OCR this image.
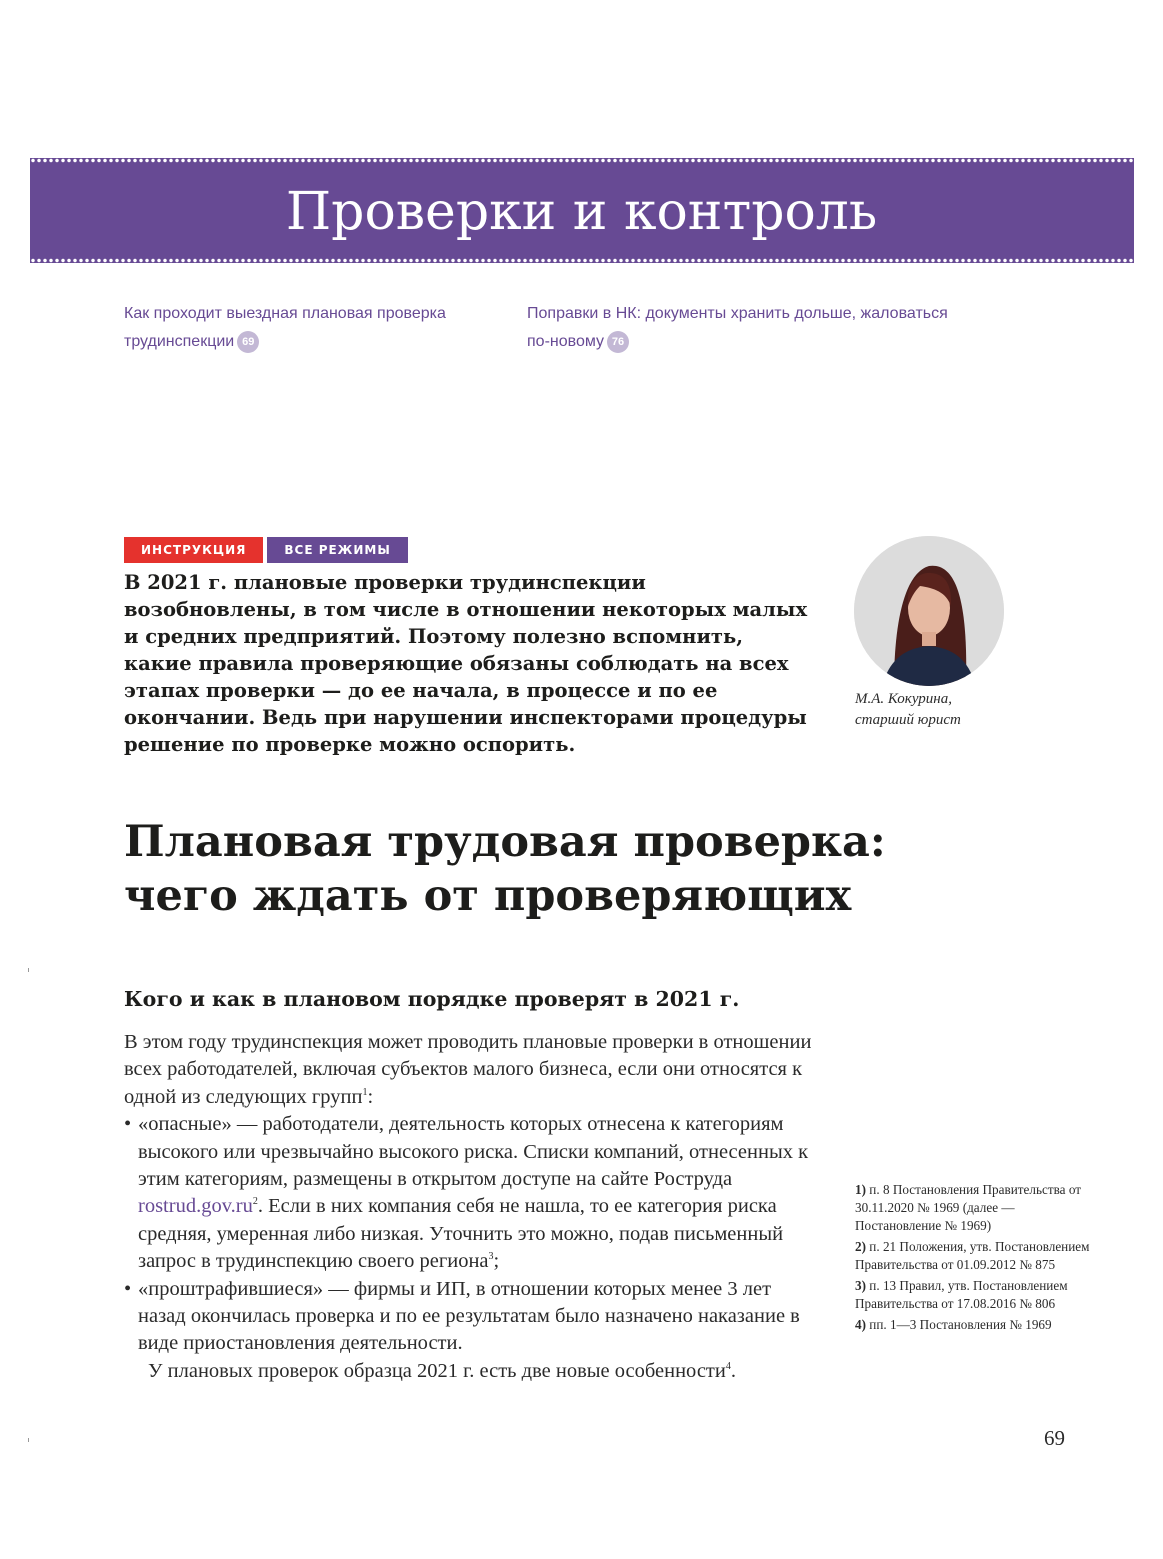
Проверки и контроль
Как проходит выездная плановая проверка
трудинспекции 69
Поправки в НК: документы хранить дольше, жаловаться
по-новому 76
ИНСТРУКЦИЯ	ВСЕ РЕЖИМЫ
В 2021 г. плановые проверки трудинспекции возобновлены, в том числе в отношении некоторых малых и средних предприятий. Поэтому полезно вспомнить, какие правила проверяющие обязаны соблюдать на всех этапах проверки — до ее начала, в процессе и по ее окончании. Ведь при нарушении инспекторами процедуры решение по проверке можно оспорить.
М.А. Кокурина,
старший юрист
Плановая трудовая проверка:
чего ждать от проверяющих
Кого и как в плановом порядке проверят в 2021 г.

В этом году трудинспекция может проводить плановые проверки в отношении всех работодателей, включая субъектов малого бизнеса, если они относятся к одной из следующих групп$^1$:

• «опасные» — работодатели, деятельность которых отнесена к категориям высокого или чрезвычайно высокого риска. Списки компаний, отнесенных к этим категориям, размещены в открытом доступе на сайте Роструда $rostrud.gov.ru^2$. Если в них компания себя не нашла, то ее категория риска средняя, умеренная либо низкая. Уточнить это можно, подав письменный запрос в трудинспекцию своего региона$^3$;
• «проштрафившиеся» — фирмы и ИП, в отношении которых менее 3 лет назад окончилась проверка и по ее результатам было назначено наказание в виде приостановления деятельности.

У плановых проверок образца 2021 г. есть две новые особенности$^4$.

1) п. 8 Постановления Правительства от 30.11.2020 № 1969 (далее — Постановление № 1969)
2) п. 21 Положения, утв. Постановлением Правительства от 01.09.2012 № 875
3) п. 13 Правил, утв. Постановлением Правительства от 17.08.2016 № 806
4) пп. 1—3 Постановления № 1969
69
